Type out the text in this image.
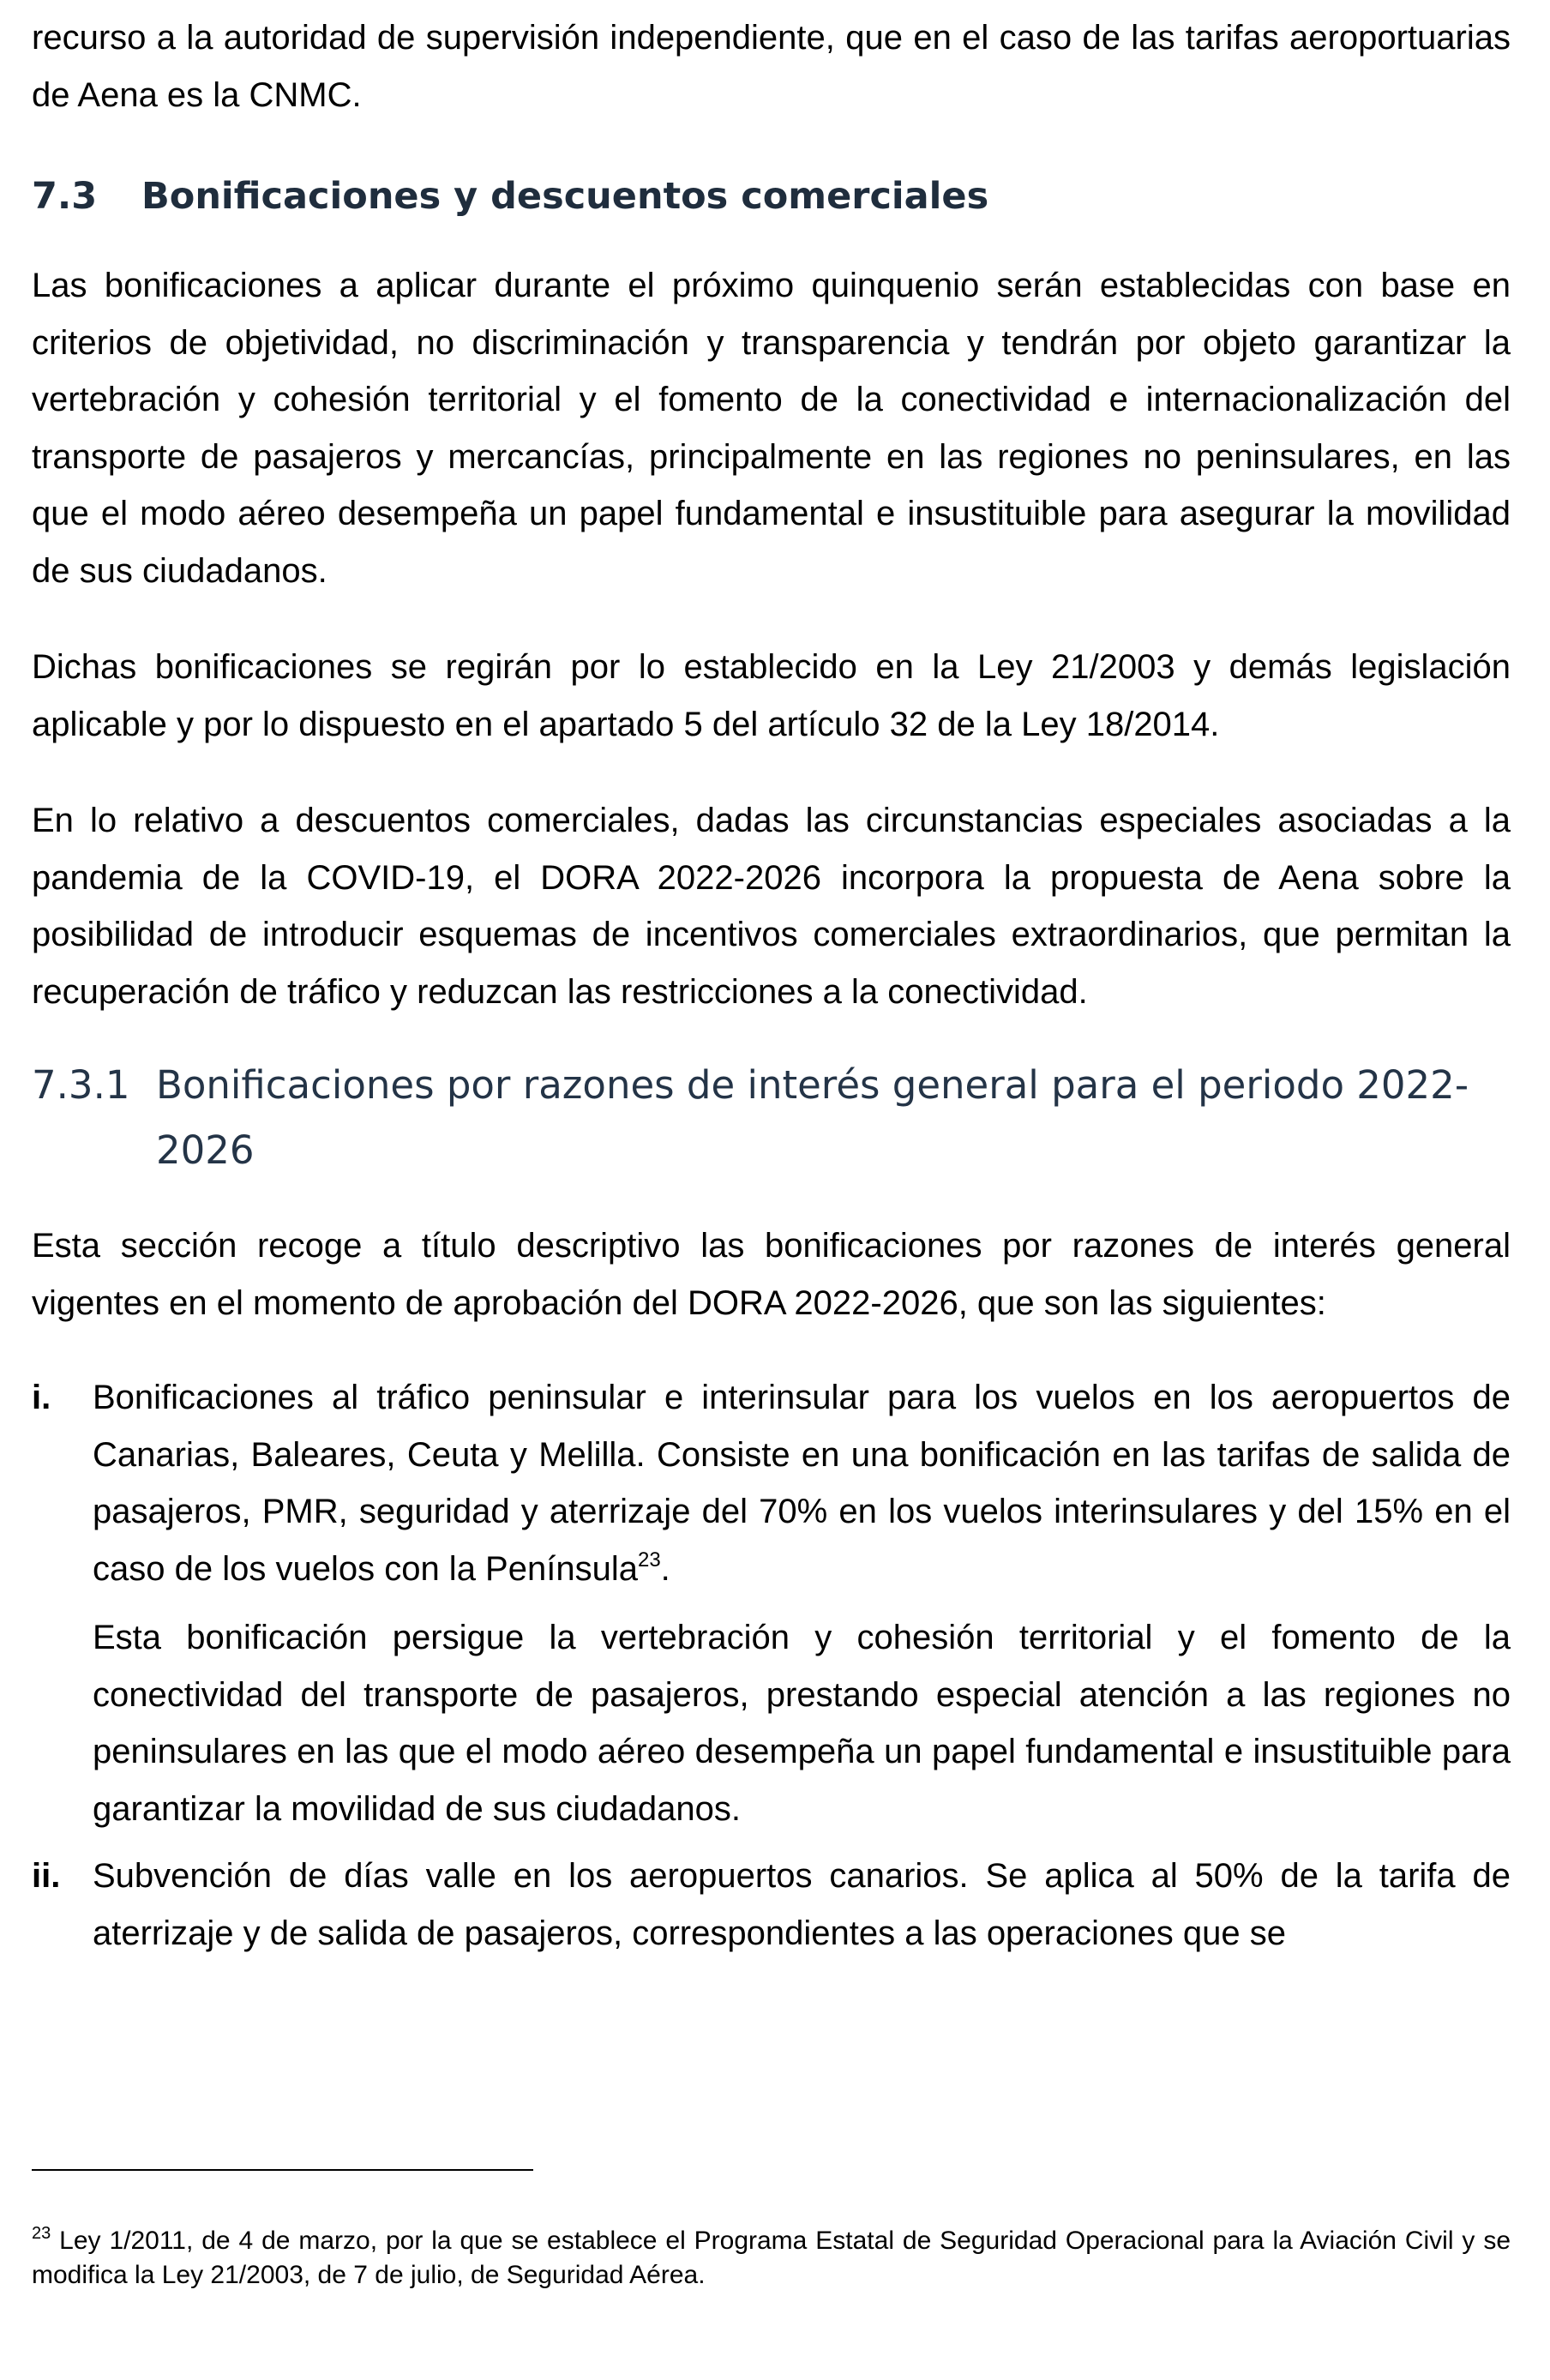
recurso a la autoridad de supervisión independiente, que en el caso de las tarifas aeroportuarias de Aena es la CNMC.

7.3 Bonificaciones y descuentos comerciales

Las bonificaciones a aplicar durante el próximo quinquenio serán establecidas con base en criterios de objetividad, no discriminación y transparencia y tendrán por objeto garantizar la vertebración y cohesión territorial y el fomento de la conectividad e internacionalización del transporte de pasajeros y mercancías, principalmente en las regiones no peninsulares, en las que el modo aéreo desempeña un papel fundamental e insustituible para asegurar la movilidad de sus ciudadanos.

Dichas bonificaciones se regirán por lo establecido en la Ley 21/2003 y demás legislación aplicable y por lo dispuesto en el apartado 5 del artículo 32 de la Ley 18/2014.

En lo relativo a descuentos comerciales, dadas las circunstancias especiales asociadas a la pandemia de la COVID-19, el DORA 2022-2026 incorpora la propuesta de Aena sobre la posibilidad de introducir esquemas de incentivos comerciales extraordinarios, que permitan la recuperación de tráfico y reduzcan las restricciones a la conectividad.

7.3.1 Bonificaciones por razones de interés general para el periodo 2022-2026

Esta sección recoge a título descriptivo las bonificaciones por razones de interés general vigentes en el momento de aprobación del DORA 2022-2026, que son las siguientes:

i. Bonificaciones al tráfico peninsular e interinsular para los vuelos en los aeropuertos de Canarias, Baleares, Ceuta y Melilla. Consiste en una bonificación en las tarifas de salida de pasajeros, PMR, seguridad y aterrizaje del 70% en los vuelos interinsulares y del 15% en el caso de los vuelos con la Península$^{23}$.

Esta bonificación persigue la vertebración y cohesión territorial y el fomento de la conectividad del transporte de pasajeros, prestando especial atención a las regiones no peninsulares en las que el modo aéreo desempeña un papel fundamental e insustituible para garantizar la movilidad de sus ciudadanos.

ii. Subvención de días valle en los aeropuertos canarios. Se aplica al 50% de la tarifa de aterrizaje y de salida de pasajeros, correspondientes a las operaciones que se

$^{23}$ Ley 1/2011, de 4 de marzo, por la que se establece el Programa Estatal de Seguridad Operacional para la Aviación Civil y se modifica la Ley 21/2003, de 7 de julio, de Seguridad Aérea.
